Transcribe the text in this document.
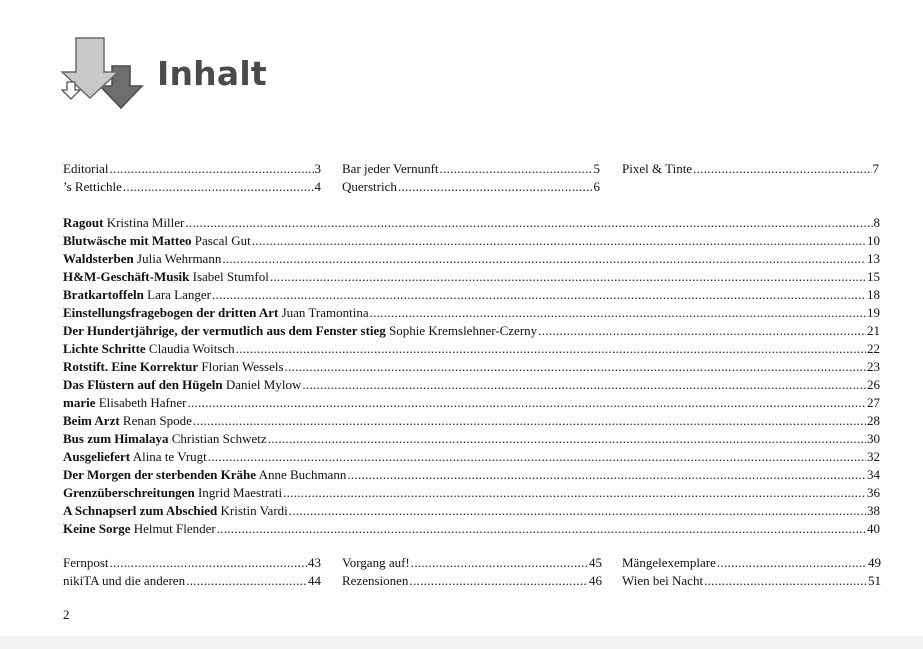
Inhalt
Editorial .....	3
’s Rettichle .....	4
Bar jeder Vernunft .....	5
Querstrich .....	6
Pixel & Tinte .....	7
Ragout Kristina Miller .....	8
Blutwäsche mit Matteo Pascal Gut .....	10
Waldsterben Julia Wehrmann .....	13
H&M-Geschäft-Musik Isabel Stumfol .....	15
Bratkartoffeln Lara Langer .....	18
Einstellungsfragebogen der dritten Art Juan Tramontina .....	19
Der Hundertjährige, der vermutlich aus dem Fenster stieg Sophie Kremslehner-Czerny .....	21
Lichte Schritte Claudia Woitsch .....	22
Rotstift. Eine Korrektur Florian Wessels .....	23
Das Flüstern auf den Hügeln Daniel Mylow .....	26
marie Elisabeth Hafner .....	27
Beim Arzt Renan Spode .....	28
Bus zum Himalaya Christian Schwetz .....	30
Ausgeliefert Alina te Vrugt .....	32
Der Morgen der sterbenden Krähe Anne Buchmann .....	34
Grenzüberschreitungen Ingrid Maestrati .....	36
A Schnapserl zum Abschied Kristin Vardi .....	38
Keine Sorge Helmut Flender .....	40
Fernpost .....	43
nikiTA und die anderen .....	44
Vorgang auf! .....	45
Rezensionen .....	46
Mängelexemplare .....	49
Wien bei Nacht .....	51
2
